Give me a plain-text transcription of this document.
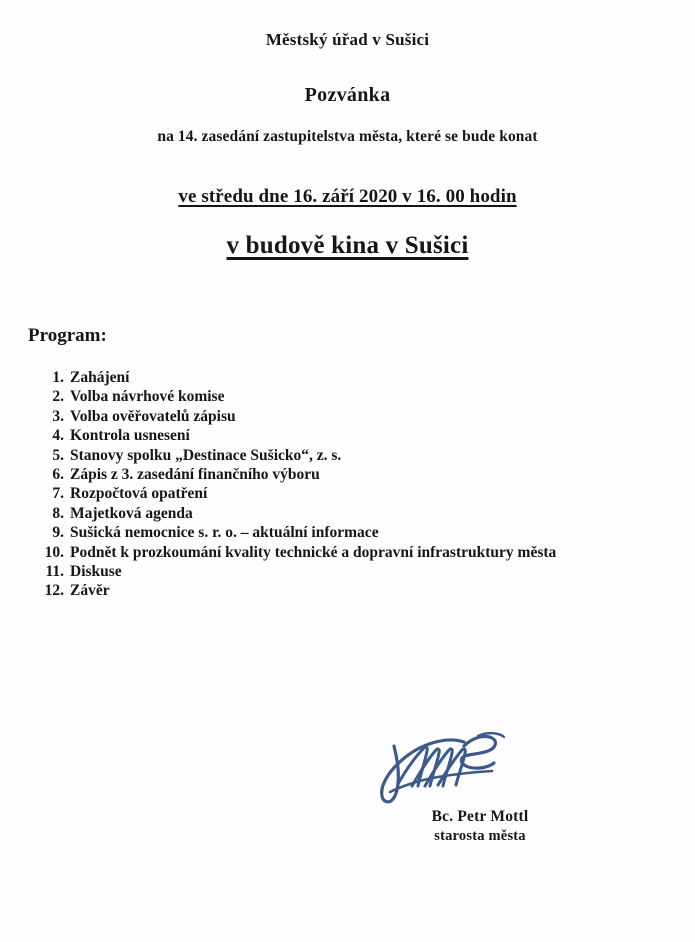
Městský úřad v Sušici
Pozvánka
na 14. zasedání zastupitelstva města, které se bude konat
ve středu dne 16. září 2020 v 16. 00 hodin
v budově kina v Sušici
Program:
1. Zahájení
2. Volba návrhové komise
3. Volba ověřovatelů zápisu
4. Kontrola usnesení
5. Stanovy spolku „Destinace Sušicko“, z. s.
6. Zápis z 3. zasedání finančního výboru
7. Rozpočtová opatření
8. Majetková agenda
9. Sušická nemocnice s. r. o. – aktuální informace
10. Podnět k prozkoumání kvality technické a dopravní infrastruktury města
11. Diskuse
12. Závěr
Bc. Petr Mottl
starosta města
